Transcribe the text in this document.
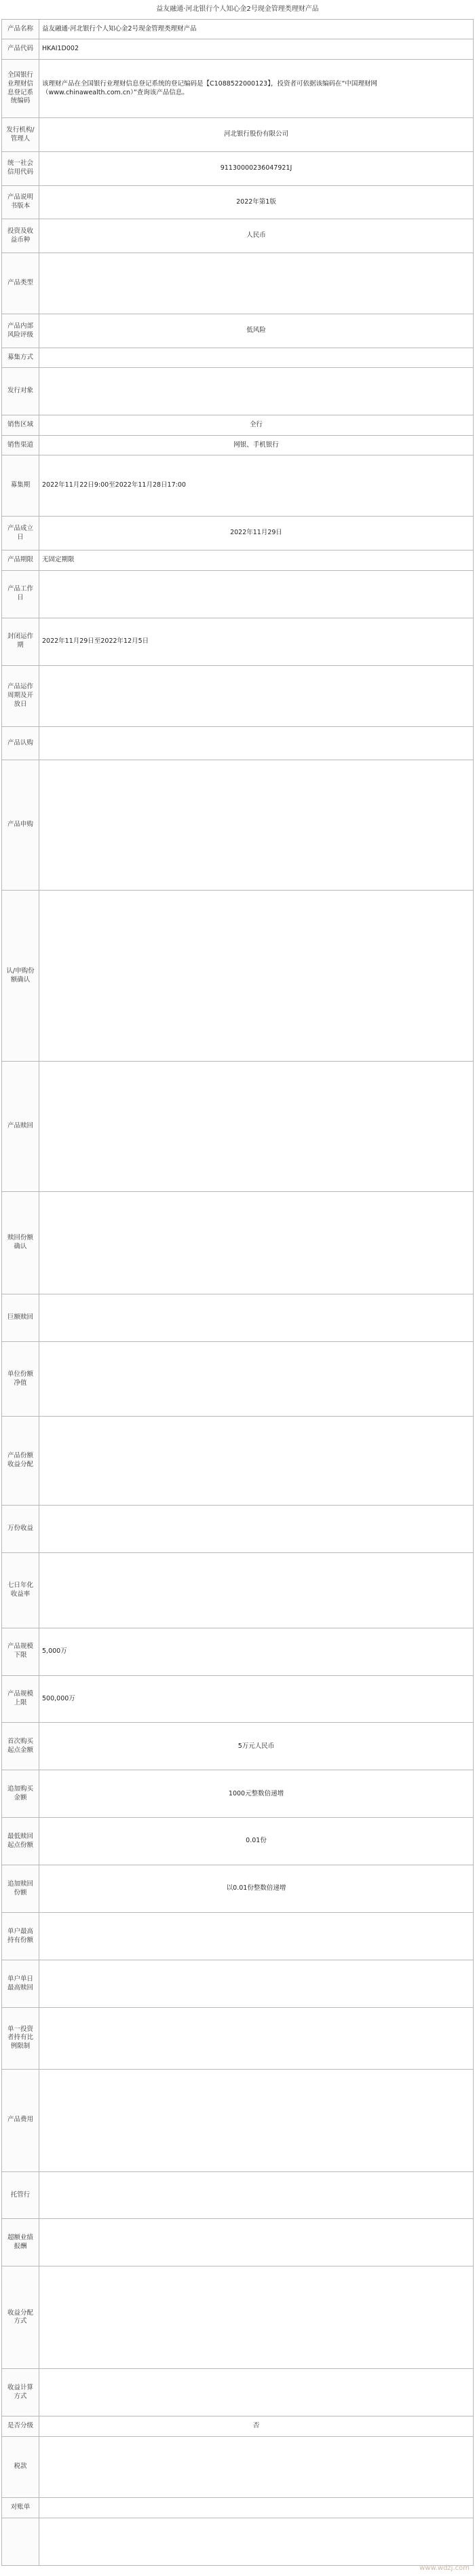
益友融通·河北银行个人知心金2号现金管理类理财产品
产品名称	益友融通·河北银行个人知心金2号现金管理类理财产品
产品代码	HKAI1D002
全国银行业理财信息登记系统编码	该理财产品在全国银行业理财信息登记系统的登记编码是【C1088522000123】，投资者可依据该编码在“中国理财网（www.chinawealth.com.cn）”查询该产品信息。
发行机构/管理人	河北银行股份有限公司
统一社会信用代码	91130000236047921J
产品说明书版本	2022年第1版
投资及收益币种	人民币
产品类型	
产品内部风险评级	低风险
募集方式	
发行对象	
销售区域	全行
销售渠道	网银、手机银行
募集期	2022年11月22日9:00至2022年11月28日17:00
产品成立日	2022年11月29日
产品期限	无固定期限
产品工作日	
封闭运作期	2022年11月29日至2022年12月5日
产品运作周期及开放日	
产品认购	
产品申购	
认/申购份额确认	
产品赎回	
赎回份额确认	
巨额赎回	
单位份额净值	
产品份额收益分配	
万份收益	
七日年化收益率	
产品规模下限	5,000万
产品规模上限	500,000万
首次购买起点金额	5万元人民币
追加购买金额	1000元整数倍递增
最低赎回起点份额	0.01份
追加赎回份额	以0.01份整数倍递增
单户最高持有份额	
单户单日最高赎回	
单一投资者持有比例限制	
产品费用	
托管行	
超额业绩报酬	
收益分配方式	
收益计算方式	
是否分级	否
税款	
对账单	

www.wdzj.com
